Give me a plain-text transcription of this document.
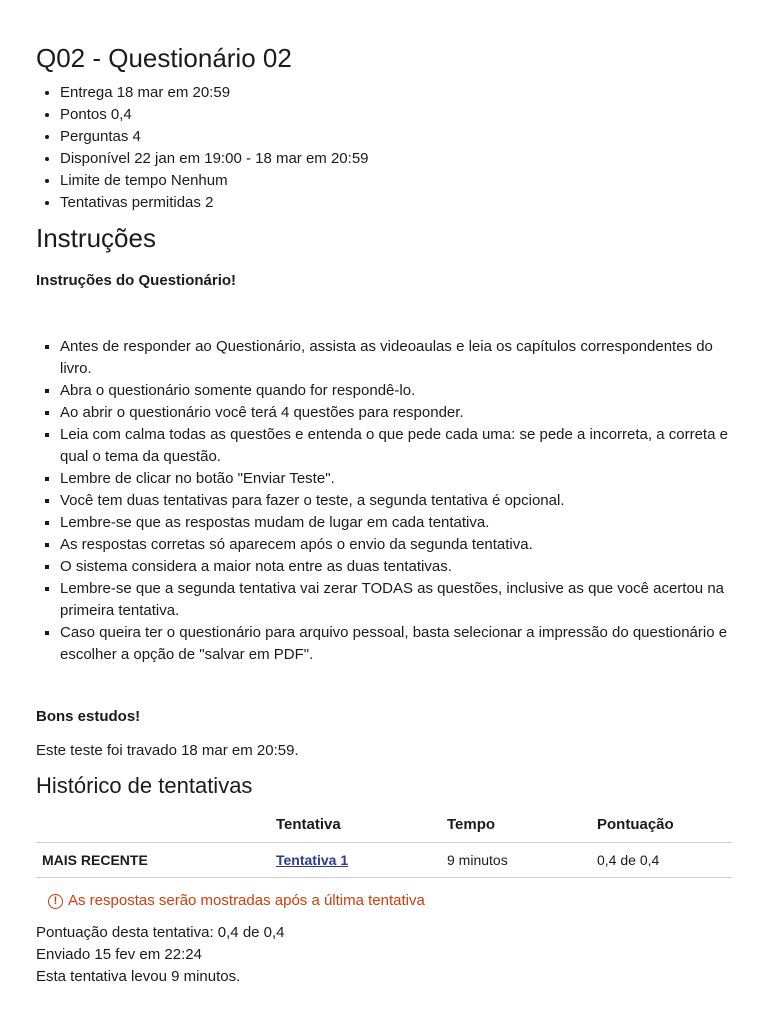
Q02 - Questionário 02
• Entrega 18 mar em 20:59
• Pontos 0,4
• Perguntas 4
• Disponível 22 jan em 19:00 - 18 mar em 20:59
• Limite de tempo Nenhum
• Tentativas permitidas 2
Instruções
Instruções do Questionário!
▪ Antes de responder ao Questionário, assista as videoaulas e leia os capítulos correspondentes do livro.
▪ Abra o questionário somente quando for respondê-lo.
▪ Ao abrir o questionário você terá 4 questões para responder.
▪ Leia com calma todas as questões e entenda o que pede cada uma: se pede a incorreta, a correta e qual o tema da questão.
▪ Lembre de clicar no botão "Enviar Teste".
▪ Você tem duas tentativas para fazer o teste, a segunda tentativa é opcional.
▪ Lembre-se que as respostas mudam de lugar em cada tentativa.
▪ As respostas corretas só aparecem após o envio da segunda tentativa.
▪ O sistema considera a maior nota entre as duas tentativas.
▪ Lembre-se que a segunda tentativa vai zerar TODAS as questões, inclusive as que você acertou na primeira tentativa.
▪ Caso queira ter o questionário para arquivo pessoal, basta selecionar a impressão do questionário e escolher a opção de "salvar em PDF".
Bons estudos!
Este teste foi travado 18 mar em 20:59.
Histórico de tentativas
	Tentativa	Tempo	Pontuação
MAIS RECENTE	Tentativa 1	9 minutos	0,4 de 0,4
! As respostas serão mostradas após a última tentativa
Pontuação desta tentativa: 0,4 de 0,4
Enviado 15 fev em 22:24
Esta tentativa levou 9 minutos.
